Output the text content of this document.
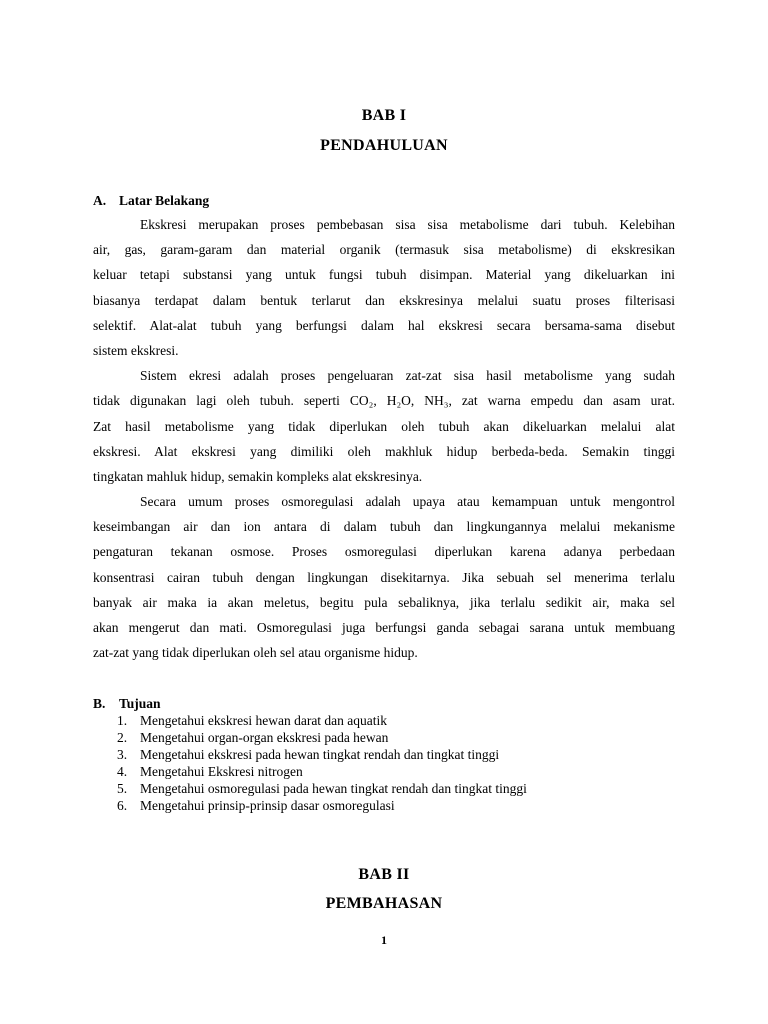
BAB I
PENDAHULUAN
A. Latar Belakang
Ekskresi merupakan proses pembebasan sisa sisa metabolisme dari tubuh. Kelebihan
air, gas, garam-garam dan material organik (termasuk sisa metabolisme) di ekskresikan
keluar tetapi substansi yang untuk fungsi tubuh disimpan. Material yang dikeluarkan ini
biasanya terdapat dalam bentuk terlarut dan ekskresinya melalui suatu proses filterisasi
selektif. Alat-alat tubuh yang berfungsi dalam hal ekskresi secara bersama-sama disebut
sistem ekskresi.
Sistem ekresi adalah proses pengeluaran zat-zat sisa hasil metabolisme yang sudah
tidak digunakan lagi oleh tubuh. seperti CO₂, H₂O, NH₃, zat warna empedu dan asam urat.
Zat hasil metabolisme yang tidak diperlukan oleh tubuh akan dikeluarkan melalui alat
ekskresi. Alat ekskresi yang dimiliki oleh makhluk hidup berbeda-beda. Semakin tinggi
tingkatan mahluk hidup, semakin kompleks alat ekskresinya.
Secara umum proses osmoregulasi adalah upaya atau kemampuan untuk mengontrol
keseimbangan air dan ion antara di dalam tubuh dan lingkungannya melalui mekanisme
pengaturan tekanan osmose. Proses osmoregulasi diperlukan karena adanya perbedaan
konsentrasi cairan tubuh dengan lingkungan disekitarnya. Jika sebuah sel menerima terlalu
banyak air maka ia akan meletus, begitu pula sebaliknya, jika terlalu sedikit air, maka sel
akan mengerut dan mati. Osmoregulasi juga berfungsi ganda sebagai sarana untuk membuang
zat-zat yang tidak diperlukan oleh sel atau organisme hidup.
B. Tujuan
1. Mengetahui ekskresi hewan darat dan aquatik
2. Mengetahui organ-organ ekskresi pada hewan
3. Mengetahui ekskresi pada hewan tingkat rendah dan tingkat tinggi
4. Mengetahui Ekskresi nitrogen
5. Mengetahui osmoregulasi pada hewan tingkat rendah dan tingkat tinggi
6. Mengetahui prinsip-prinsip dasar osmoregulasi
BAB II
PEMBAHASAN
1
